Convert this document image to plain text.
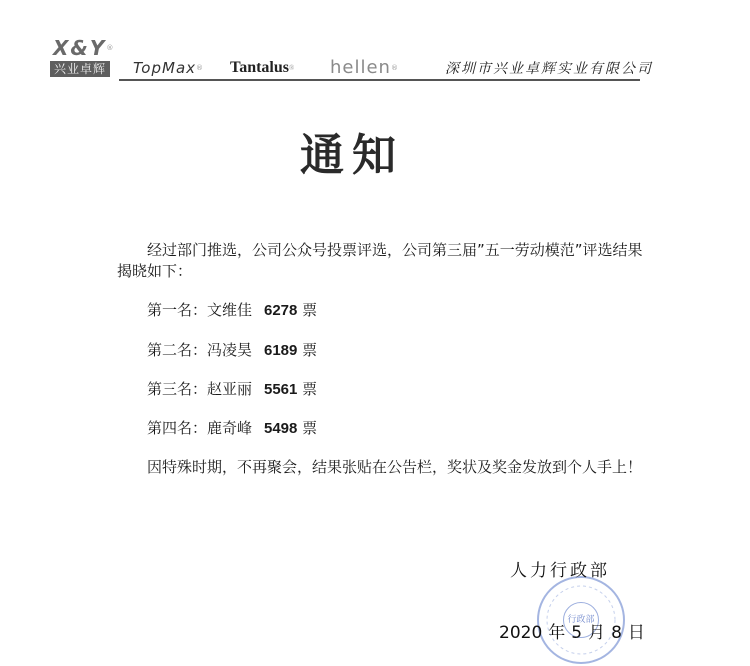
X&Y®
兴业卓辉 TopMax® Tantalus® hellen®	深圳市兴业卓辉实业有限公司
通知
经过部门推选，公司公众号投票评选，公司第三届”五一劳动模范”评选结果
揭晓如下：
第一名：文维佳 6278 票
第二名：冯凌昊 6189 票
第三名：赵亚丽 5561 票
第四名：鹿奇峰 5498 票
因特殊时期，不再聚会，结果张贴在公告栏，奖状及奖金发放到个人手上！
行政部
人力行政部
2020 年 5 月 8 日
